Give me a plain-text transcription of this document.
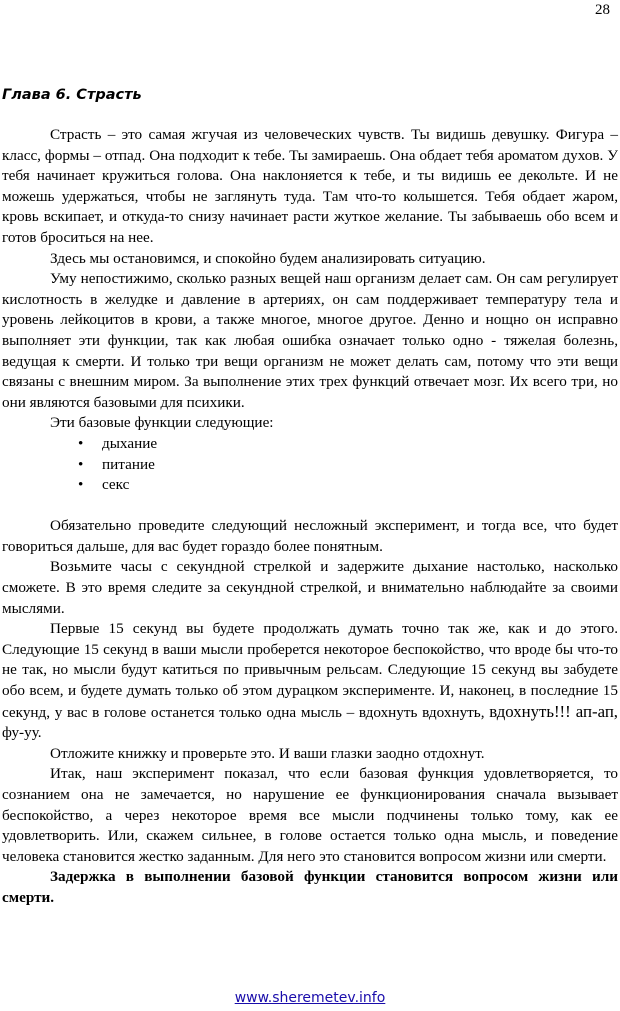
28
Глава 6. Страсть

Страсть – это самая жгучая из человеческих чувств. Ты видишь девушку. Фигура – класс, формы – отпад. Она подходит к тебе. Ты замираешь. Она обдает тебя ароматом духов. У тебя начинает кружиться голова. Она наклоняется к тебе, и ты видишь ее декольте. И не можешь удержаться, чтобы не заглянуть туда. Там что-то колышется. Тебя обдает жаром, кровь вскипает, и откуда-то снизу начинает расти жуткое желание. Ты забываешь обо всем и готов броситься на нее.

Здесь мы остановимся, и спокойно будем анализировать ситуацию.

Уму непостижимо, сколько разных вещей наш организм делает сам. Он сам регулирует кислотность в желудке и давление в артериях, он сам поддерживает температуру тела и уровень лейкоцитов в крови, а также многое, многое другое. Денно и нощно он исправно выполняет эти функции, так как любая ошибка означает только одно - тяжелая болезнь, ведущая к смерти. И только три вещи организм не может делать сам, потому что эти вещи связаны с внешним миром. За выполнение этих трех функций отвечает мозг. Их всего три, но они являются базовыми для психики.

Эти базовые функции следующие:

• дыхание
• питание
• секс

Обязательно проведите следующий несложный эксперимент, и тогда все, что будет говориться дальше, для вас будет гораздо более понятным.

Возьмите часы с секундной стрелкой и задержите дыхание настолько, насколько сможете. В это время следите за секундной стрелкой, и внимательно наблюдайте за своими мыслями.

Первые 15 секунд вы будете продолжать думать точно так же, как и до этого. Следующие 15 секунд в ваши мысли проберется некоторое беспокойство, что вроде бы что-то не так, но мысли будут катиться по привычным рельсам. Следующие 15 секунд вы забудете обо всем, и будете думать только об этом дурацком эксперименте. И, наконец, в последние 15 секунд, у вас в голове останется только одна мысль – вдохнуть вдохнуть, вдохнуть!!! ап-ап, фу-уу.

Отложите книжку и проверьте это. И ваши глазки заодно отдохнут.

Итак, наш эксперимент показал, что если базовая функция удовлетворяется, то сознанием она не замечается, но нарушение ее функционирования сначала вызывает беспокойство, а через некоторое время все мысли подчинены только тому, как ее удовлетворить. Или, скажем сильнее, в голове остается только одна мысль, и поведение человека становится жестко заданным. Для него это становится вопросом жизни или смерти.

Задержка в выполнении базовой функции становится вопросом жизни или смерти.

www.sheremetev.info
